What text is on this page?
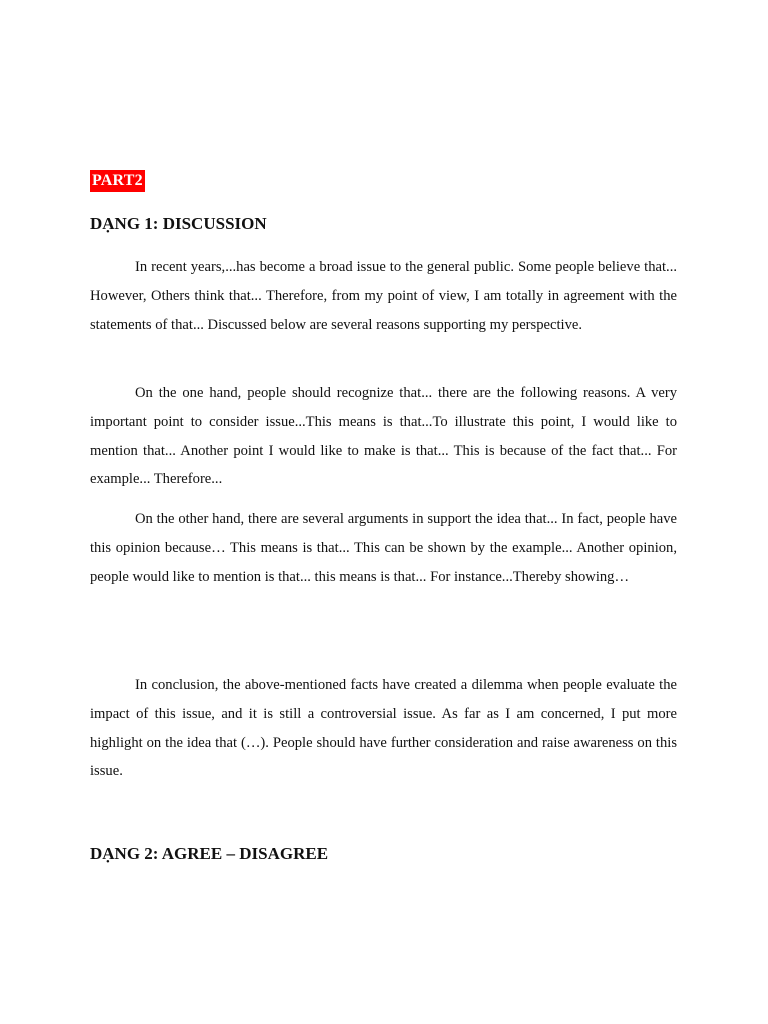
PART2
DẠNG 1: DISCUSSION

In recent years,...has become a broad issue to the general public. Some people believe that... However, Others think that... Therefore, from my point of view, I am totally in agreement with the statements of that... Discussed below are several reasons supporting my perspective.

On the one hand, people should recognize that... there are the following reasons. A very important point to consider issue...This means is that...To illustrate this point, I would like to mention that... Another point I would like to make is that... This is because of the fact that... For example... Therefore...

On the other hand, there are several arguments in support the idea that... In fact, people have this opinion because… This means is that... This can be shown by the example... Another opinion, people would like to mention is that... this means is that... For instance...Thereby showing…

In conclusion, the above-mentioned facts have created a dilemma when people evaluate the impact of this issue, and it is still a controversial issue. As far as I am concerned, I put more highlight on the idea that (…). People should have further consideration and raise awareness on this issue.

DẠNG 2: AGREE – DISAGREE
